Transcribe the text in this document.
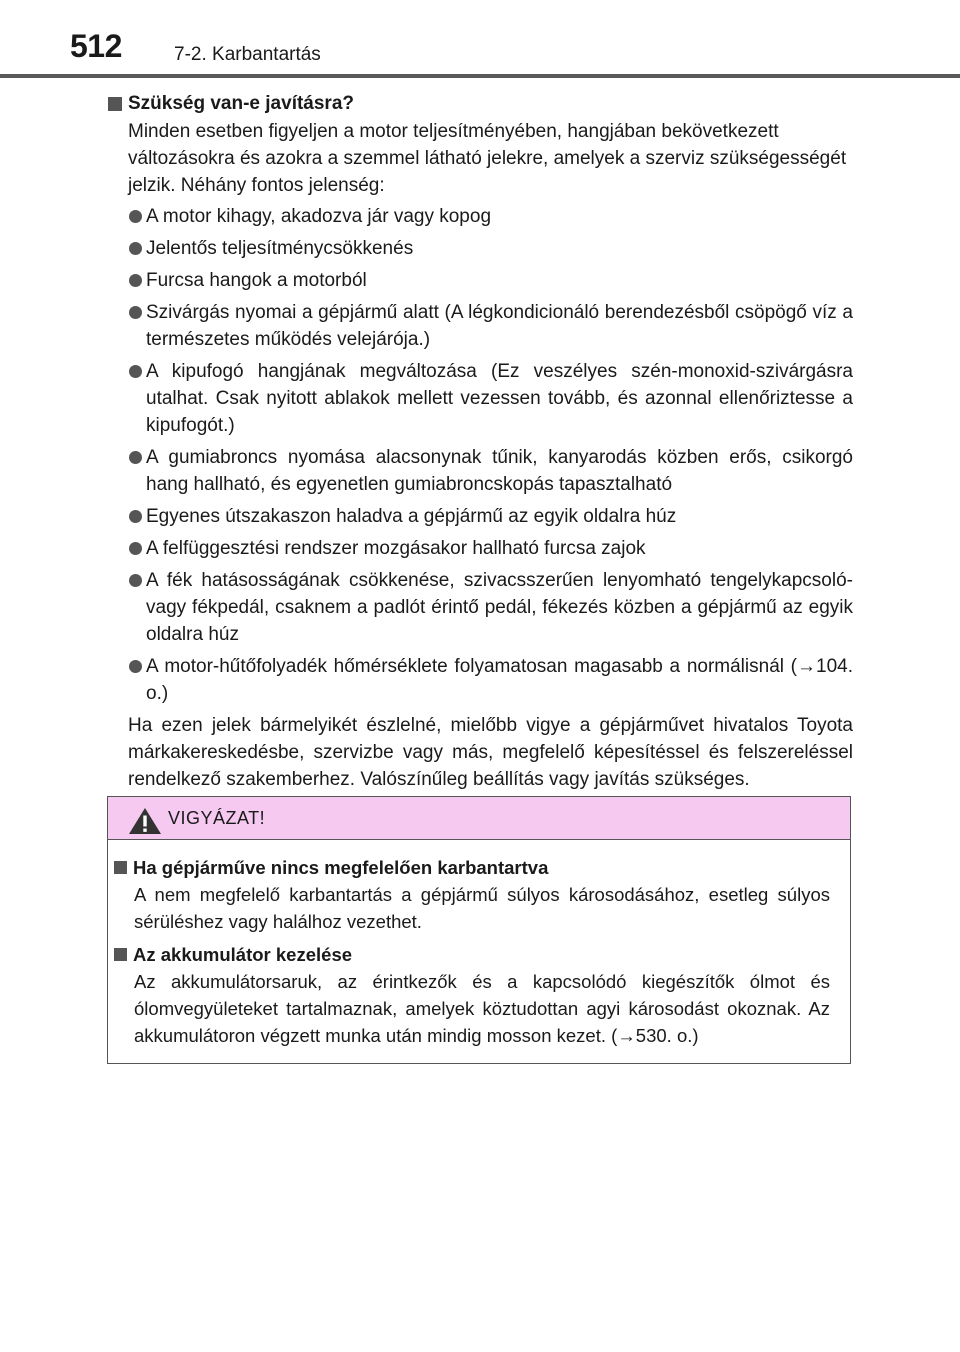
512	7-2. Karbantartás
Szükség van-e javításra?
Minden esetben figyeljen a motor teljesítményében, hangjában bekövetkezett változásokra és azokra a szemmel látható jelekre, amelyek a szerviz szükségességét jelzik. Néhány fontos jelenség:
A motor kihagy, akadozva jár vagy kopog
Jelentős teljesítménycsökkenés
Furcsa hangok a motorból
Szivárgás nyomai a gépjármű alatt (A légkondicionáló berendezésből csöpögő víz a természetes működés velejárója.)
A kipufogó hangjának megváltozása (Ez veszélyes szén-monoxid-szivárgásra utalhat. Csak nyitott ablakok mellett vezessen tovább, és azonnal ellenőriztesse a kipufogót.)
A gumiabroncs nyomása alacsonynak tűnik, kanyarodás közben erős, csikorgó hang hallható, és egyenetlen gumiabroncskopás tapasztalható
Egyenes útszakaszon haladva a gépjármű az egyik oldalra húz
A felfüggesztési rendszer mozgásakor hallható furcsa zajok
A fék hatásosságának csökkenése, szivacsszerűen lenyomható tengelykapcsoló- vagy fékpedál, csaknem a padlót érintő pedál, fékezés közben a gépjármű az egyik oldalra húz
A motor-hűtőfolyadék hőmérséklete folyamatosan magasabb a normálisnál (→104. o.)
Ha ezen jelek bármelyikét észlelné, mielőbb vigye a gépjárművet hivatalos Toyota márkakereskedésbe, szervizbe vagy más, megfelelő képesítéssel és felszereléssel rendelkező szakemberhez. Valószínűleg beállítás vagy javítás szükséges.
VIGYÁZAT!
Ha gépjárműve nincs megfelelően karbantartva
A nem megfelelő karbantartás a gépjármű súlyos károsodásához, esetleg súlyos sérüléshez vagy halálhoz vezethet.
Az akkumulátor kezelése
Az akkumulátorsaruk, az érintkezők és a kapcsolódó kiegészítők ólmot és ólomvegyületeket tartalmaznak, amelyek köztudottan agyi károsodást okoznak. Az akkumulátoron végzett munka után mindig mosson kezet. (→530. o.)
